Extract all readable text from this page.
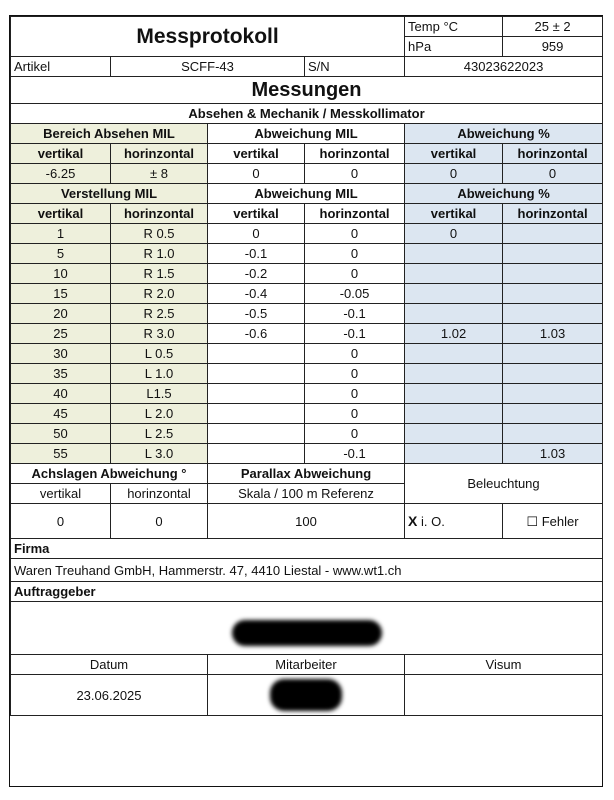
Messprotokoll				Temp °C	25 ± 2
				hPa	959
Artikel	SCFF-43		S/N	43023622023	
Messungen					
Absehen & Mechanik / Messkollimator					
Bereich Absehen MIL		Abweichung MIL		Abweichung %	
vertikal	horinzontal	vertikal	horinzontal	vertikal	horinzontal
-6.25	± 8	0	0	0	0
Verstellung MIL		Abweichung MIL		Abweichung %	
vertikal	horinzontal	vertikal	horinzontal	vertikal	horinzontal
1	R 0.5	0	0	0	
5	R 1.0	-0.1	0		
10	R 1.5	-0.2	0		
15	R 2.0	-0.4	-0.05		
20	R 2.5	-0.5	-0.1		
25	R 3.0	-0.6	-0.1	1.02	1.03
30	L 0.5		0		
35	L 1.0		0		
40	L1.5		0		
45	L 2.0		0		
50	L 2.5		0		
55	L 3.0		-0.1		1.03
Achslagen Abweichung °		Parallax Abweichung	Beleuchtung	
vertikal	horinzontal	Skala / 100 m Referenz		
0	0	100	X i. O.	☐ Fehler
Firma				
Waren Treuhand GmbH, Hammerstr. 47, 4410 Liestal - www.wt1.ch				
Auftraggeber				

Datum		Mitarbeiter	Visum	
23.06.2025				
